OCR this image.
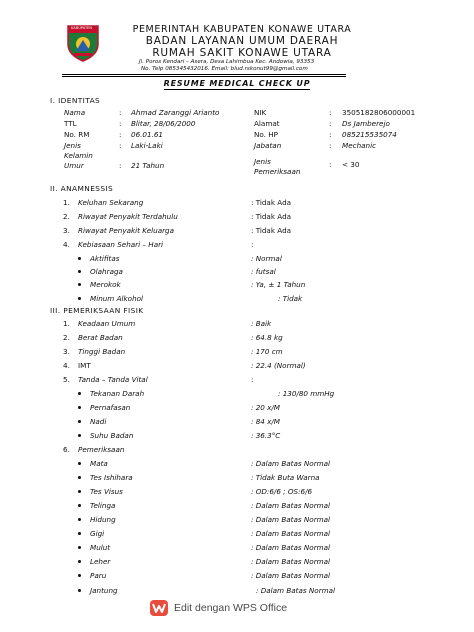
KABUPATEN	PEMERINTAH KABUPATEN KONAWE UTARA
BADAN LAYANAN UMUM DAERAH
RUMAH SAKIT KONAWE UTARA
Jl. Poros Kendari – Asera, Desa Lahimbua Kec. Andowia, 93353
No. Telp 085345432016. Email: blud.rskonut99@gmail.com
RESUME MEDICAL CHECK UP
I. IDENTITAS
Nama	: Ahmad Zaranggi Arianto
TTL	: Blitar, 28/06/2000
No. RM	: 06.01.61
Jenis Kelamin
: Laki-Laki
Umur	: 21 Tahun
NIK	: 3505182806000001
Alamat	: Ds Jamberejo
No. HP	: 085215535074
Jabatan	: Mechanic
Jenis Pemeriksaan
: < 30
II. ANAMNESSIS
1. Keluhan Sekarang	: Tidak Ada
2. Riwayat Penyakit Terdahulu	: Tidak Ada
3. Riwayat Penyakit Keluarga	: Tidak Ada
4. Kebiasaan Sehari – Hari	:
Aktifitas	: Normal
Olahraga	: futsal
Merokok	: Ya, ± 1 Tahun
Minum Alkohol	: Tidak
III. PEMERIKSAAN FISIK
1. Keadaan Umum	: Baik
2. Berat Badan	: 64.8 kg
3. Tinggi Badan	: 170 cm
4. IMT	: 22.4 (Normal)
5. Tanda – Tanda Vital	:
Tekanan Darah	: 130/80 mmHg
Pernafasan	: 20 x/M
Nadi	: 84 x/M
Suhu Badan	: 36.3°C
6. Pemeriksaan
Mata	: Dalam Batas Normal
Tes Ishihara	: Tidak Buta Warna
Tes Visus	: OD:6/6 ; OS:6/6
Telinga	: Dalam Batas Normal
Hidung	: Dalam Batas Normal
Gigi	: Dalam Batas Normal
Mulut	: Dalam Batas Normal
Leher	: Dalam Batas Normal
Paru	: Dalam Batas Normal
Jantung	: Dalam Batas Normal
Edit dengan WPS Office
